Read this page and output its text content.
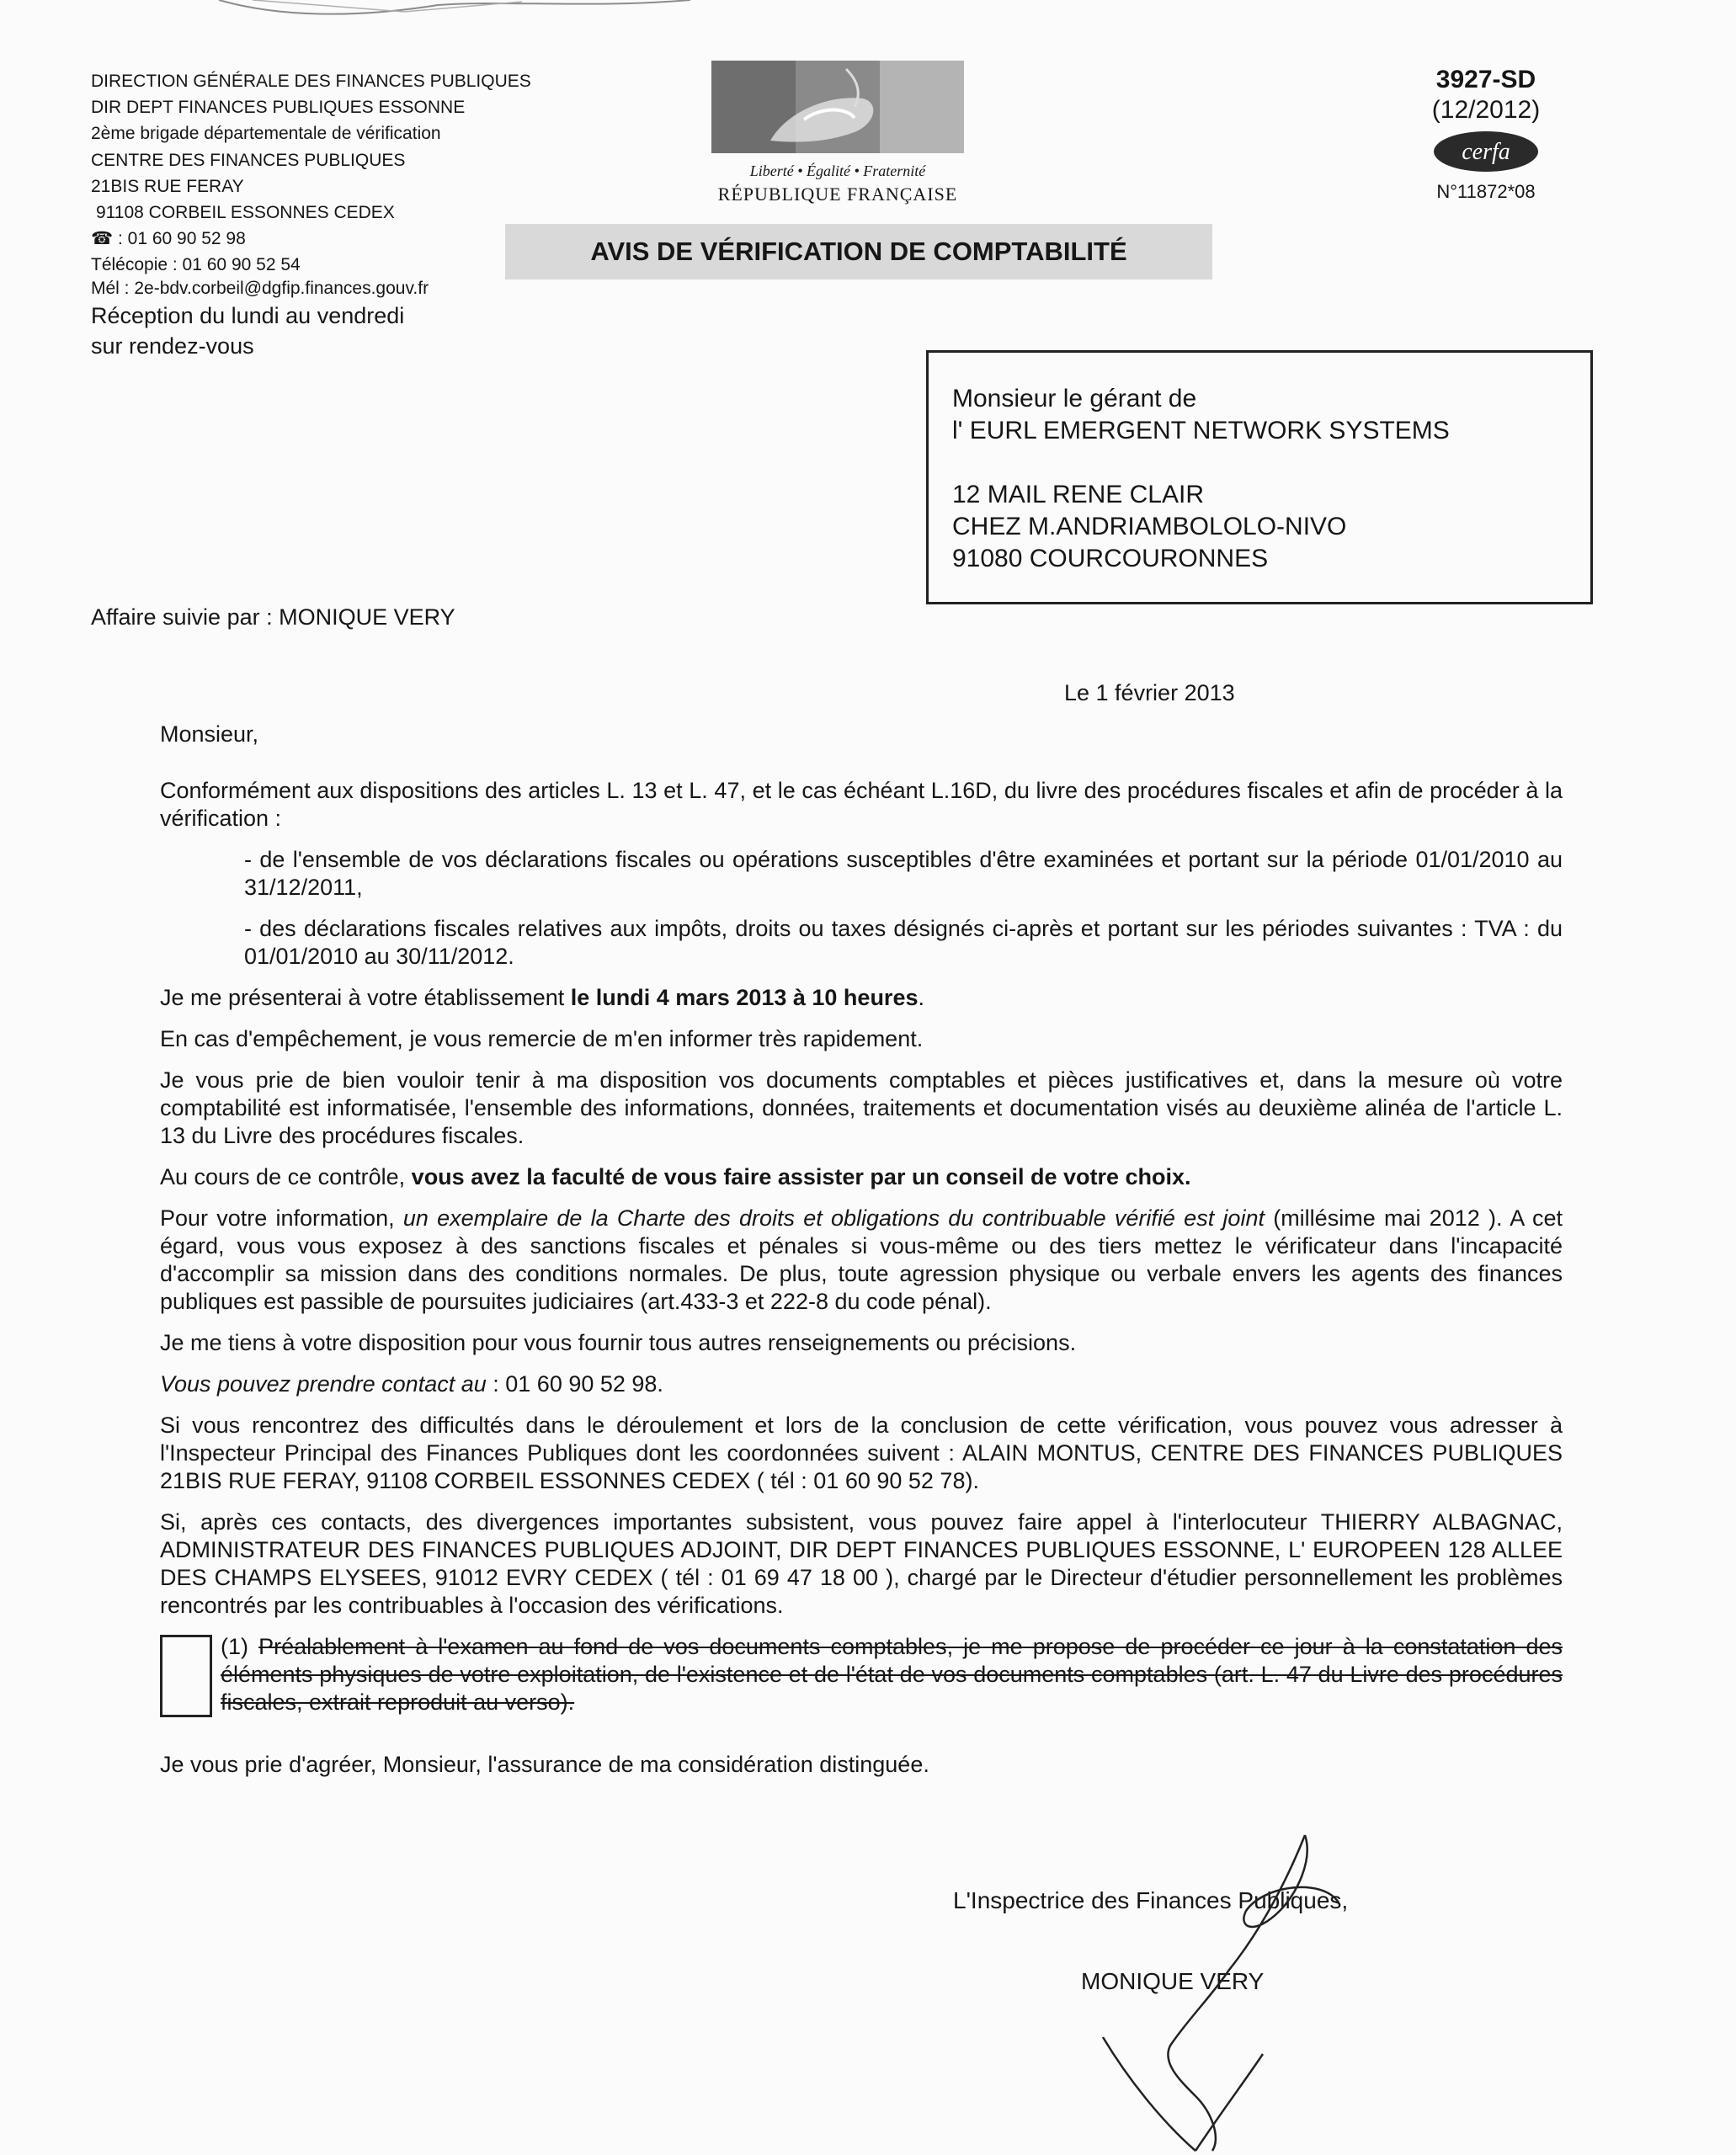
DIRECTION GÉNÉRALE DES FINANCES PUBLIQUES
DIR DEPT FINANCES PUBLIQUES ESSONNE
2ème brigade départementale de vérification
CENTRE DES FINANCES PUBLIQUES
21BIS RUE FERAY
91108 CORBEIL ESSONNES CEDEX
☎ : 01 60 90 52 98
Télécopie : 01 60 90 52 54
Mél : 2e-bdv.corbeil@dgfip.finances.gouv.fr
Réception du lundi au vendredi
sur rendez-vous
Liberté • Égalité • Fraternité
RÉPUBLIQUE FRANÇAISE
3927-SD
(12/2012)
cerfa
N°11872*08
AVIS DE VÉRIFICATION DE COMPTABILITÉ
Monsieur le gérant de
l' EURL EMERGENT NETWORK SYSTEMS
12 MAIL RENE CLAIR
CHEZ M.ANDRIAMBOLOLO-NIVO
91080 COURCOURONNES
Affaire suivie par : MONIQUE VERY
Le 1 février 2013

Monsieur,

Conformément aux dispositions des articles L. 13 et L. 47, et le cas échéant L.16D, du livre des procédures fiscales et afin de procéder à la vérification :

- de l'ensemble de vos déclarations fiscales ou opérations susceptibles d'être examinées et portant sur la période 01/01/2010 au 31/12/2011,

- des déclarations fiscales relatives aux impôts, droits ou taxes désignés ci-après et portant sur les périodes suivantes : TVA : du 01/01/2010 au 30/11/2012.

Je me présenterai à votre établissement le lundi 4 mars 2013 à 10 heures.

En cas d'empêchement, je vous remercie de m'en informer très rapidement.

Je vous prie de bien vouloir tenir à ma disposition vos documents comptables et pièces justificatives et, dans la mesure où votre comptabilité est informatisée, l'ensemble des informations, données, traitements et documentation visés au deuxième alinéa de l'article L. 13 du Livre des procédures fiscales.

Au cours de ce contrôle, vous avez la faculté de vous faire assister par un conseil de votre choix.

Pour votre information, un exemplaire de la Charte des droits et obligations du contribuable vérifié est joint (millésime mai 2012 ). A cet égard, vous vous exposez à des sanctions fiscales et pénales si vous-même ou des tiers mettez le vérificateur dans l'incapacité d'accomplir sa mission dans des conditions normales. De plus, toute agression physique ou verbale envers les agents des finances publiques est passible de poursuites judiciaires (art.433-3 et 222-8 du code pénal).

Je me tiens à votre disposition pour vous fournir tous autres renseignements ou précisions.

Vous pouvez prendre contact au : 01 60 90 52 98.

Si vous rencontrez des difficultés dans le déroulement et lors de la conclusion de cette vérification, vous pouvez vous adresser à l'Inspecteur Principal des Finances Publiques dont les coordonnées suivent : ALAIN MONTUS, CENTRE DES FINANCES PUBLIQUES 21BIS RUE FERAY, 91108 CORBEIL ESSONNES CEDEX ( tél : 01 60 90 52 78).

Si, après ces contacts, des divergences importantes subsistent, vous pouvez faire appel à l'interlocuteur THIERRY ALBAGNAC, ADMINISTRATEUR DES FINANCES PUBLIQUES ADJOINT, DIR DEPT FINANCES PUBLIQUES ESSONNE, L' EUROPEEN 128 ALLEE DES CHAMPS ELYSEES, 91012 EVRY CEDEX ( tél : 01 69 47 18 00 ), chargé par le Directeur d'étudier personnellement les problèmes rencontrés par les contribuables à l'occasion des vérifications.

(1) Préalablement à l'examen au fond de vos documents comptables, je me propose de procéder ce jour à la constatation des éléments physiques de votre exploitation, de l'existence et de l'état de vos documents comptables (art. L. 47 du Livre des procédures fiscales, extrait reproduit au verso).

Je vous prie d'agréer, Monsieur, l'assurance de ma considération distinguée.

L'Inspectrice des Finances Publiques,
MONIQUE VERY
